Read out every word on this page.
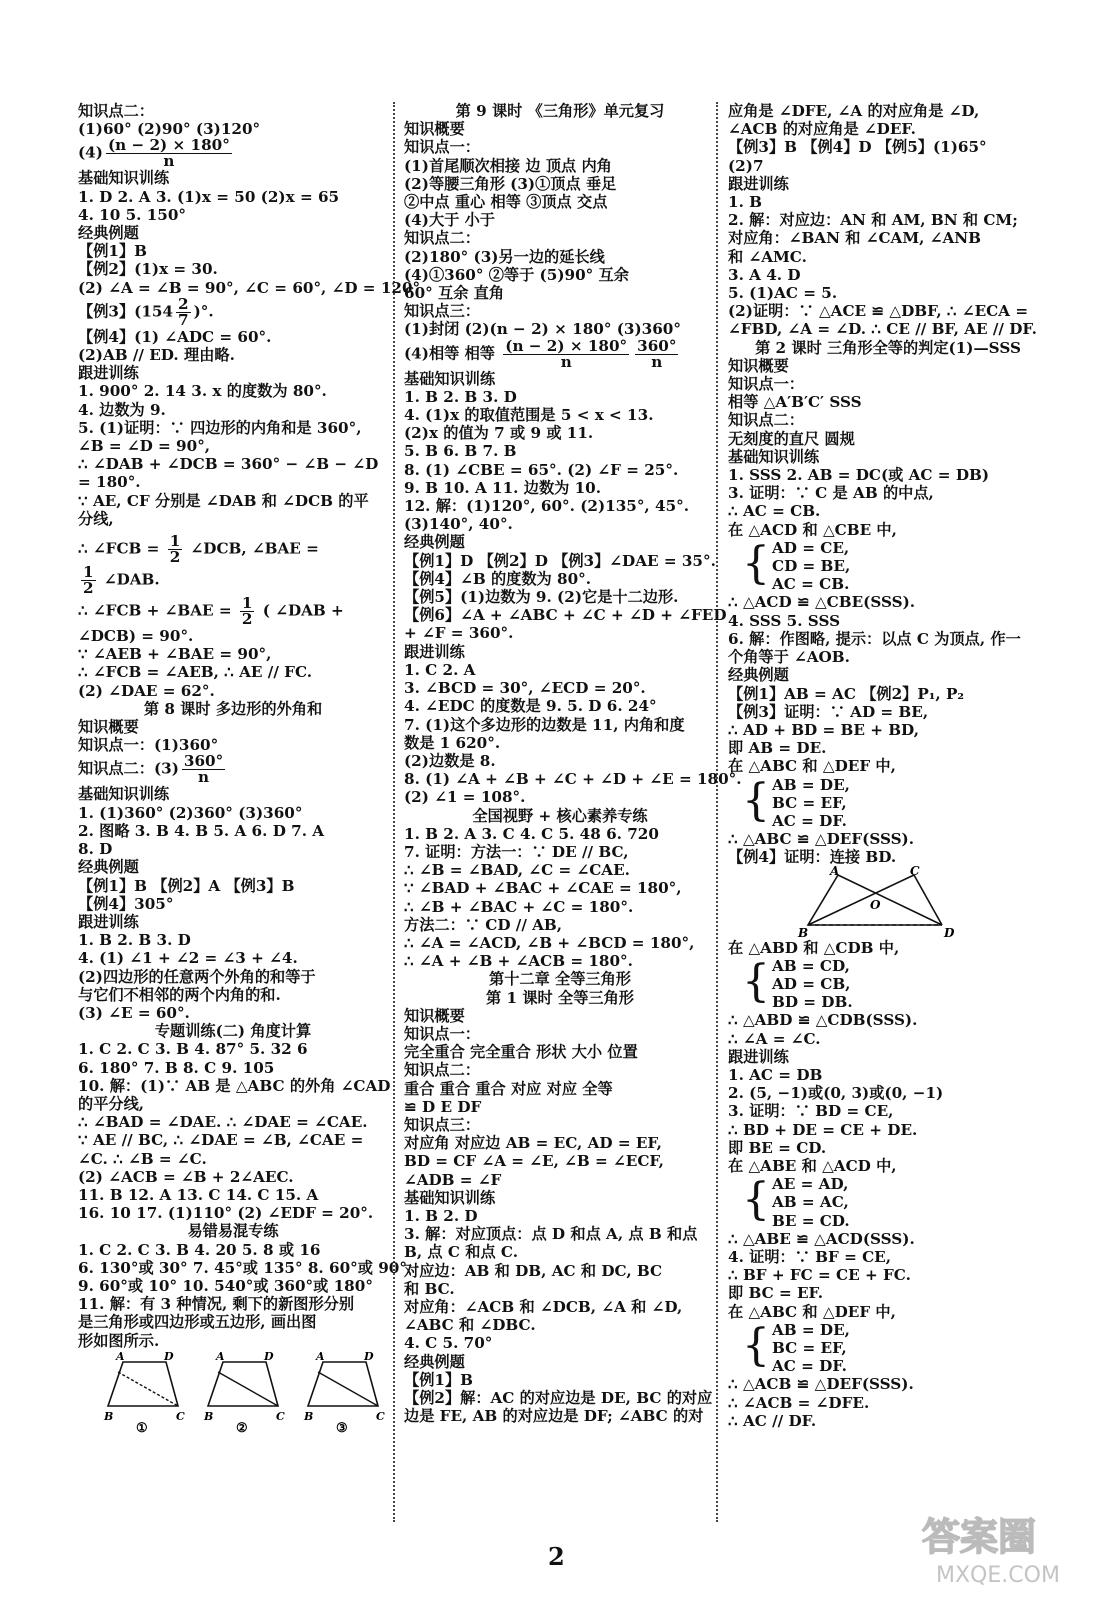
知识点二：
(1)60° (2)90° (3)120°
$(4) \frac{(n - 2) \times 180^\circ}{n}$
基础知识训练
1. D 2. A 3. (1)x = 50 (2)x = 65
4. 10 5. 150°
经典例题
【例1】B
【例2】(1)x = 30.
(2) ∠A = ∠B = 90°, ∠C = 60°, ∠D = 120°.
【例3】($154 \frac{2}{7}$ )°.
【例4】(1) ∠ADC = 60°.
(2)AB // ED. 理由略.
跟进训练
1. 900° 2. 14 3. x 的度数为 80°.
4. 边数为 9.
5. (1)证明：∵ 四边形的内角和是 360°,
∠B = ∠D = 90°,
∴ ∠DAB + ∠DCB = 360° − ∠B − ∠D
= 180°.
∵ AE, CF 分别是 ∠DAB 和 ∠DCB 的平
分线,
∴ ∠FCB = $\frac{1}{2}$ ∠DCB, ∠BAE =
$\frac{1}{2}$ ∠DAB.
∴ ∠FCB + ∠BAE = $\frac{1}{2}$ ( ∠DAB +
∠DCB) = 90°.
∵ ∠AEB + ∠BAE = 90°,
∴ ∠FCB = ∠AEB, ∴ AE // FC.
(2) ∠DAE = 62°.
第 8 课时 多边形的外角和
知识概要
知识点一：(1)360°
知识点二：$(3) \frac{360^\circ}{n}$
基础知识训练
1. (1)360° (2)360° (3)360°
2. 图略 3. B 4. B 5. A 6. D 7. A
8. D
经典例题
【例1】B 【例2】A 【例3】B
【例4】305°
跟进训练
1. B 2. B 3. D
4. (1) ∠1 + ∠2 = ∠3 + ∠4.
(2)四边形的任意两个外角的和等于
与它们不相邻的两个内角的和.
(3) ∠E = 60°.
专题训练(二) 角度计算
1. C 2. C 3. B 4. 87° 5. 32 6
6. 180° 7. B 8. C 9. 105
10. 解：(1)∵ AB 是 △ABC 的外角 ∠CAD
的平分线,
∴ ∠BAD = ∠DAE. ∴ ∠DAE = ∠CAE.
∵ AE // BC, ∴ ∠DAE = ∠B, ∠CAE =
∠C. ∴ ∠B = ∠C.
(2) ∠ACB = ∠B + 2∠AEC.
11. B 12. A 13. C 14. C 15. A
16. 10 17. (1)110° (2) ∠EDF = 20°.
易错易混专练
1. C 2. C 3. B 4. 20 5. 8 或 16
6. 130°或 30° 7. 45°或 135° 8. 60°或 90°
9. 60°或 10° 10. 540°或 360°或 180°
11. 解：有 3 种情况, 剩下的新图形分别
是三角形或四边形或五边形, 画出图
形如图所示.
B	C
A	D
①
B	C
A	D
②
B	C
A	D
③
第 9 课时 《三角形》单元复习
知识概要
知识点一：
(1)首尾顺次相接 边 顶点 内角
(2)等腰三角形 (3)①顶点 垂足
②中点 重心 相等 ③顶点 交点
(4)大于 小于
知识点二：
(2)180° (3)另一边的延长线
(4)①360° ②等于 (5)90° 互余
60° 互余 直角
知识点三：
(1)封闭 (2)(n − 2) × 180° (3)360°
(4)相等 相等 $\frac{(n - 2) \times 180^\circ}{n} \frac{360^\circ}{n}$
基础知识训练
1. B 2. B 3. D
4. (1)x 的取值范围是 5 < x < 13.
(2)x 的值为 7 或 9 或 11.
5. B 6. B 7. B
8. (1) ∠CBE = 65°. (2) ∠F = 25°.
9. B 10. A 11. 边数为 10.
12. 解：(1)120°, 60°. (2)135°, 45°.
(3)140°, 40°.
经典例题
【例1】D 【例2】D 【例3】∠DAE = 35°.
【例4】∠B 的度数为 80°.
【例5】(1)边数为 9. (2)它是十二边形.
【例6】∠A + ∠ABC + ∠C + ∠D + ∠FED
+ ∠F = 360°.
跟进训练
1. C 2. A
3. ∠BCD = 30°, ∠ECD = 20°.
4. ∠EDC 的度数是 9. 5. D 6. 24°
7. (1)这个多边形的边数是 11, 内角和度
数是 1 620°.
(2)边数是 8.
8. (1) ∠A + ∠B + ∠C + ∠D + ∠E = 180°.
(2) ∠1 = 108°.
全国视野 + 核心素养专练
1. B 2. A 3. C 4. C 5. 48 6. 720
7. 证明：方法一：∵ DE // BC,
∴ ∠B = ∠BAD, ∠C = ∠CAE.
∵ ∠BAD + ∠BAC + ∠CAE = 180°,
∴ ∠B + ∠BAC + ∠C = 180°.
方法二：∵ CD // AB,
∴ ∠A = ∠ACD, ∠B + ∠BCD = 180°,
∴ ∠A + ∠B + ∠ACB = 180°.
第十二章 全等三角形
第 1 课时 全等三角形
知识概要
知识点一：
完全重合 完全重合 形状 大小 位置
知识点二：
重合 重合 重合 对应 对应 全等
≌ D E DF
知识点三：
对应角 对应边 AB = EC, AD = EF,
BD = CF ∠A = ∠E, ∠B = ∠ECF,
∠ADB = ∠F
基础知识训练
1. B 2. D
3. 解：对应顶点：点 D 和点 A, 点 B 和点
B, 点 C 和点 C.
对应边：AB 和 DB, AC 和 DC, BC
和 BC.
对应角：∠ACB 和 ∠DCB, ∠A 和 ∠D,
∠ABC 和 ∠DBC.
4. C 5. 70°
经典例题
【例1】B
【例2】解：AC 的对应边是 DE, BC 的对应
边是 FE, AB 的对应边是 DF; ∠ABC 的对
应角是 ∠DFE, ∠A 的对应角是 ∠D,
∠ACB 的对应角是 ∠DEF.
【例3】B 【例4】D 【例5】(1)65°
(2)7
跟进训练
1. B
2. 解：对应边：AN 和 AM, BN 和 CM;
对应角：∠BAN 和 ∠CAM, ∠ANB
和 ∠AMC.
3. A 4. D
5. (1)AC = 5.
(2)证明：∵ △ACE ≌ △DBF, ∴ ∠ECA =
∠FBD, ∠A = ∠D. ∴ CE // BF, AE // DF.
第 2 课时 三角形全等的判定(1)—SSS
知识概要
知识点一：
相等 △A′B′C′ SSS
知识点二：
无刻度的直尺 圆规
基础知识训练
1. SSS 2. AB = DC(或 AC = DB)
3. 证明：∵ C 是 AB 的中点,
∴ AC = CB.
在 △ACD 和 △CBE 中,
{ AD = CE,
CD = BE,
AC = CB.
∴ △ACD ≌ △CBE(SSS).
4. SSS 5. SSS
6. 解：作图略, 提示：以点 C 为顶点, 作一
个角等于 ∠AOB.
经典例题
【例1】AB = AC 【例2】P₁, P₂
【例3】证明：∵ AD = BE,
∴ AD + BD = BE + BD,
即 AB = DE.
在 △ABC 和 △DEF 中,
{ AB = DE,
BC = EF,
AC = DF.
∴ △ABC ≌ △DEF(SSS).
【例4】证明：连接 BD.
A	C
B	D
O
在 △ABD 和 △CDB 中,
{ AB = CD,
AD = CB,
BD = DB.
∴ △ABD ≌ △CDB(SSS).
∴ ∠A = ∠C.
跟进训练
1. AC = DB
2. (5, −1)或(0, 3)或(0, −1)
3. 证明：∵ BD = CE,
∴ BD + DE = CE + DE.
即 BE = CD.
在 △ABE 和 △ACD 中,
{ AE = AD,
AB = AC,
BE = CD.
∴ △ABE ≌ △ACD(SSS).
4. 证明：∵ BF = CE,
∴ BF + FC = CE + FC.
即 BC = EF.
在 △ABC 和 △DEF 中,
{ AB = DE,
BC = EF,
AC = DF.
∴ △ACB ≌ △DEF(SSS).
∴ ∠ACB = ∠DFE.
∴ AC // DF.
2	答案圈
MXQE.COM
